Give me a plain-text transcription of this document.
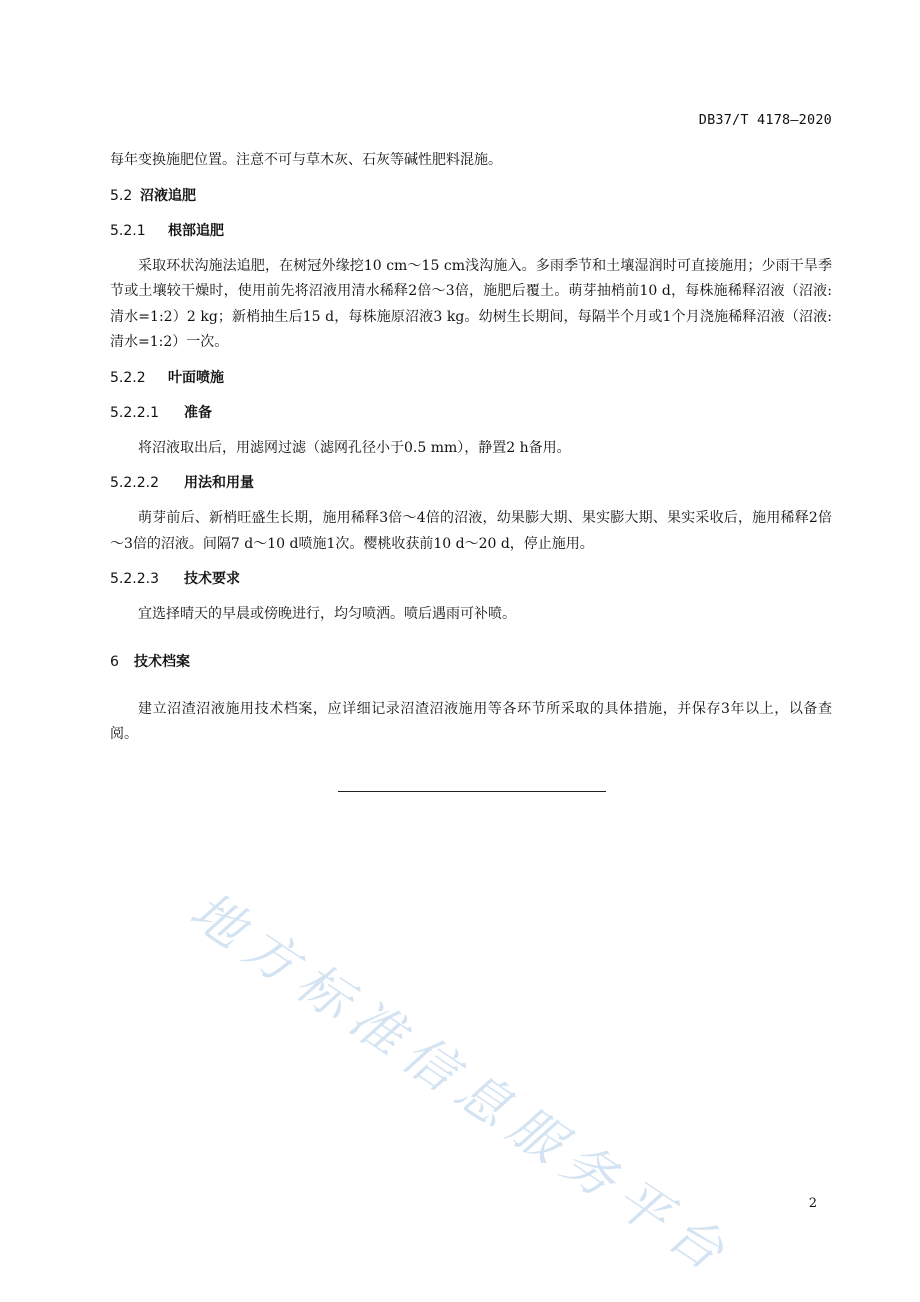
DB37/T 4178—2020

每年变换施肥位置。注意不可与草木灰、石灰等碱性肥料混施。

5.2 沼液追肥
5.2.1 根部追肥

采取环状沟施法追肥，在树冠外缘挖10 cm～15 cm浅沟施入。多雨季节和土壤湿润时可直接施用；少雨干旱季节或土壤较干燥时，使用前先将沼液用清水稀释2倍～3倍，施肥后覆土。萌芽抽梢前10 d，每株施稀释沼液（沼液:清水=1:2）2 kg；新梢抽生后15 d，每株施原沼液3 kg。幼树生长期间，每隔半个月或1个月浇施稀释沼液（沼液:清水=1:2）一次。

5.2.2 叶面喷施
5.2.2.1 准备

将沼液取出后，用滤网过滤（滤网孔径小于0.5 mm），静置2 h备用。

5.2.2.2 用法和用量

萌芽前后、新梢旺盛生长期，施用稀释3倍～4倍的沼液，幼果膨大期、果实膨大期、果实采收后，施用稀释2倍～3倍的沼液。间隔7 d～10 d喷施1次。樱桃收获前10 d～20 d，停止施用。

5.2.2.3 技术要求

宜选择晴天的早晨或傍晚进行，均匀喷洒。喷后遇雨可补喷。

6 技术档案

建立沼渣沼液施用技术档案，应详细记录沼渣沼液施用等各环节所采取的具体措施，并保存3年以上，以备查阅。

地方标准信息服务平台	2
